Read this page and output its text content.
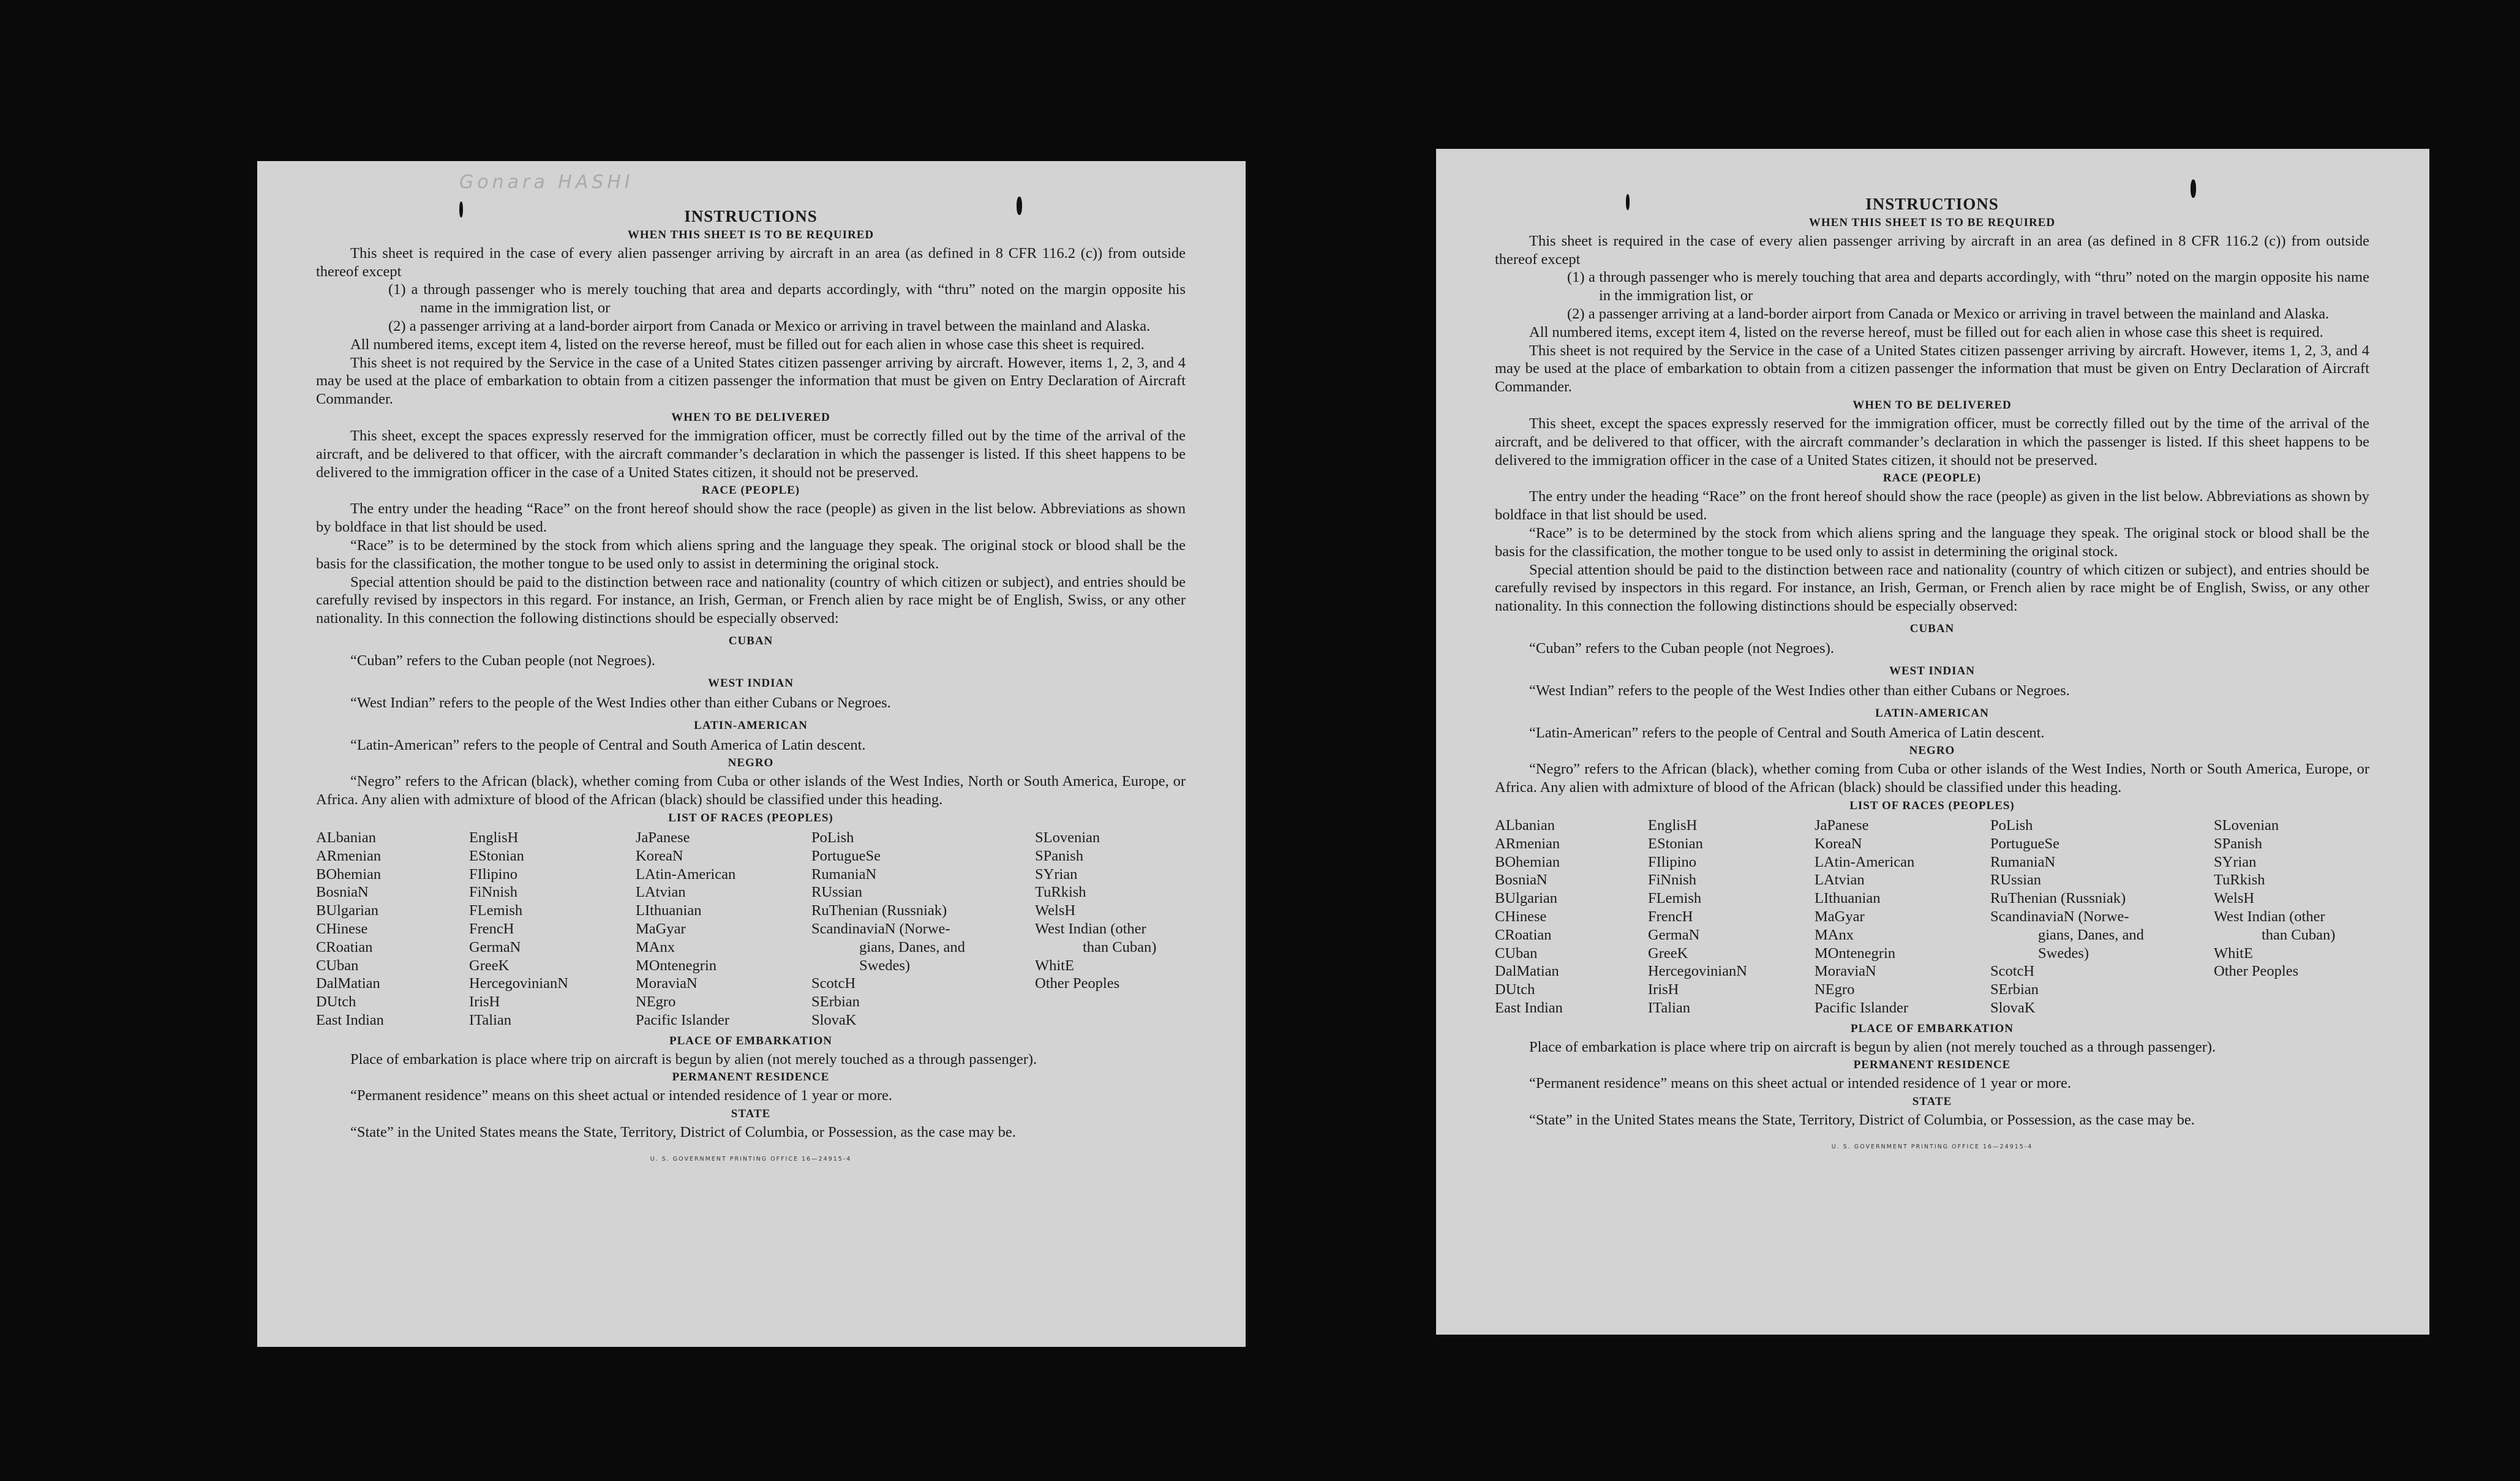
Gonara HASHI
INSTRUCTIONS
WHEN THIS SHEET IS TO BE REQUIRED

This sheet is required in the case of every alien passenger arriving by aircraft in an area (as defined in 8 CFR 116.2 (c)) from outside thereof except

(1) a through passenger who is merely touching that area and departs accordingly, with “thru” noted on the margin opposite his name in the immigration list, or

(2) a passenger arriving at a land-border airport from Canada or Mexico or arriving in travel between the mainland and Alaska.

All numbered items, except item 4, listed on the reverse hereof, must be filled out for each alien in whose case this sheet is required.

This sheet is not required by the Service in the case of a United States citizen passenger arriving by aircraft. However, items 1, 2, 3, and 4 may be used at the place of embarkation to obtain from a citizen passenger the information that must be given on Entry Declaration of Aircraft Commander.

WHEN TO BE DELIVERED

This sheet, except the spaces expressly reserved for the immigration officer, must be correctly filled out by the time of the arrival of the aircraft, and be delivered to that officer, with the aircraft commander’s declaration in which the passenger is listed. If this sheet happens to be delivered to the immigration officer in the case of a United States citizen, it should not be preserved.

RACE (PEOPLE)

The entry under the heading “Race” on the front hereof should show the race (people) as given in the list below. Abbreviations as shown by boldface in that list should be used.

“Race” is to be determined by the stock from which aliens spring and the language they speak. The original stock or blood shall be the basis for the classification, the mother tongue to be used only to assist in determining the original stock.

Special attention should be paid to the distinction between race and nationality (country of which citizen or subject), and entries should be carefully revised by inspectors in this regard. For instance, an Irish, German, or French alien by race might be of English, Swiss, or any other nationality. In this connection the following distinctions should be especially observed:

CUBAN

“Cuban” refers to the Cuban people (not Negroes).

WEST INDIAN

“West Indian” refers to the people of the West Indies other than either Cubans or Negroes.

LATIN-AMERICAN

“Latin-American” refers to the people of Central and South America of Latin descent.

NEGRO

“Negro” refers to the African (black), whether coming from Cuba or other islands of the West Indies, North or South America, Europe, or Africa. Any alien with admixture of blood of the African (black) should be classified under this heading.

LIST OF RACES (PEOPLES)
ALbanian
ARmenian
BOhemian
BosniaN
BUlgarian
CHinese
CRoatian
CUban
DalMatian
DUtch
East Indian
EnglisH
EStonian
FIlipino
FiNnish
FLemish
FrencH
GermaN
GreeK
HercegovinianN
IrisH
ITalian
JaPanese
KoreaN
LAtin-American
LAtvian
LIthuanian
MaGyar
MAnx
MOntenegrin
MoraviaN
NEgro
Pacific Islander
PoLish
PortugueSe
RumaniaN
RUssian
RuThenian (Russniak)
ScandinaviaN (Norwe-
gians, Danes, and
Swedes)
ScotcH
SErbian
SlovaK
SLovenian
SPanish
SYrian
TuRkish
WelsH
West Indian (other
than Cuban)
WhitE
Other Peoples
PLACE OF EMBARKATION

Place of embarkation is place where trip on aircraft is begun by alien (not merely touched as a through passenger).

PERMANENT RESIDENCE

“Permanent residence” means on this sheet actual or intended residence of 1 year or more.

STATE

“State” in the United States means the State, Territory, District of Columbia, or Possession, as the case may be.

U. S. GOVERNMENT PRINTING OFFICE 16—24915-4
INSTRUCTIONS
WHEN THIS SHEET IS TO BE REQUIRED

This sheet is required in the case of every alien passenger arriving by aircraft in an area (as defined in 8 CFR 116.2 (c)) from outside thereof except

(1) a through passenger who is merely touching that area and departs accordingly, with “thru” noted on the margin opposite his name in the immigration list, or

(2) a passenger arriving at a land-border airport from Canada or Mexico or arriving in travel between the mainland and Alaska.

All numbered items, except item 4, listed on the reverse hereof, must be filled out for each alien in whose case this sheet is required.

This sheet is not required by the Service in the case of a United States citizen passenger arriving by aircraft. However, items 1, 2, 3, and 4 may be used at the place of embarkation to obtain from a citizen passenger the information that must be given on Entry Declaration of Aircraft Commander.

WHEN TO BE DELIVERED

This sheet, except the spaces expressly reserved for the immigration officer, must be correctly filled out by the time of the arrival of the aircraft, and be delivered to that officer, with the aircraft commander’s declaration in which the passenger is listed. If this sheet happens to be delivered to the immigration officer in the case of a United States citizen, it should not be preserved.

RACE (PEOPLE)

The entry under the heading “Race” on the front hereof should show the race (people) as given in the list below. Abbreviations as shown by boldface in that list should be used.

“Race” is to be determined by the stock from which aliens spring and the language they speak. The original stock or blood shall be the basis for the classification, the mother tongue to be used only to assist in determining the original stock.

Special attention should be paid to the distinction between race and nationality (country of which citizen or subject), and entries should be carefully revised by inspectors in this regard. For instance, an Irish, German, or French alien by race might be of English, Swiss, or any other nationality. In this connection the following distinctions should be especially observed:

CUBAN

“Cuban” refers to the Cuban people (not Negroes).

WEST INDIAN

“West Indian” refers to the people of the West Indies other than either Cubans or Negroes.

LATIN-AMERICAN

“Latin-American” refers to the people of Central and South America of Latin descent.

NEGRO

“Negro” refers to the African (black), whether coming from Cuba or other islands of the West Indies, North or South America, Europe, or Africa. Any alien with admixture of blood of the African (black) should be classified under this heading.

LIST OF RACES (PEOPLES)
ALbanian
ARmenian
BOhemian
BosniaN
BUlgarian
CHinese
CRoatian
CUban
DalMatian
DUtch
East Indian
EnglisH
EStonian
FIlipino
FiNnish
FLemish
FrencH
GermaN
GreeK
HercegovinianN
IrisH
ITalian
JaPanese
KoreaN
LAtin-American
LAtvian
LIthuanian
MaGyar
MAnx
MOntenegrin
MoraviaN
NEgro
Pacific Islander
PoLish
PortugueSe
RumaniaN
RUssian
RuThenian (Russniak)
ScandinaviaN (Norwe-
gians, Danes, and
Swedes)
ScotcH
SErbian
SlovaK
SLovenian
SPanish
SYrian
TuRkish
WelsH
West Indian (other
than Cuban)
WhitE
Other Peoples
PLACE OF EMBARKATION

Place of embarkation is place where trip on aircraft is begun by alien (not merely touched as a through passenger).

PERMANENT RESIDENCE

“Permanent residence” means on this sheet actual or intended residence of 1 year or more.

STATE

“State” in the United States means the State, Territory, District of Columbia, or Possession, as the case may be.

U. S. GOVERNMENT PRINTING OFFICE 16—24915-4
